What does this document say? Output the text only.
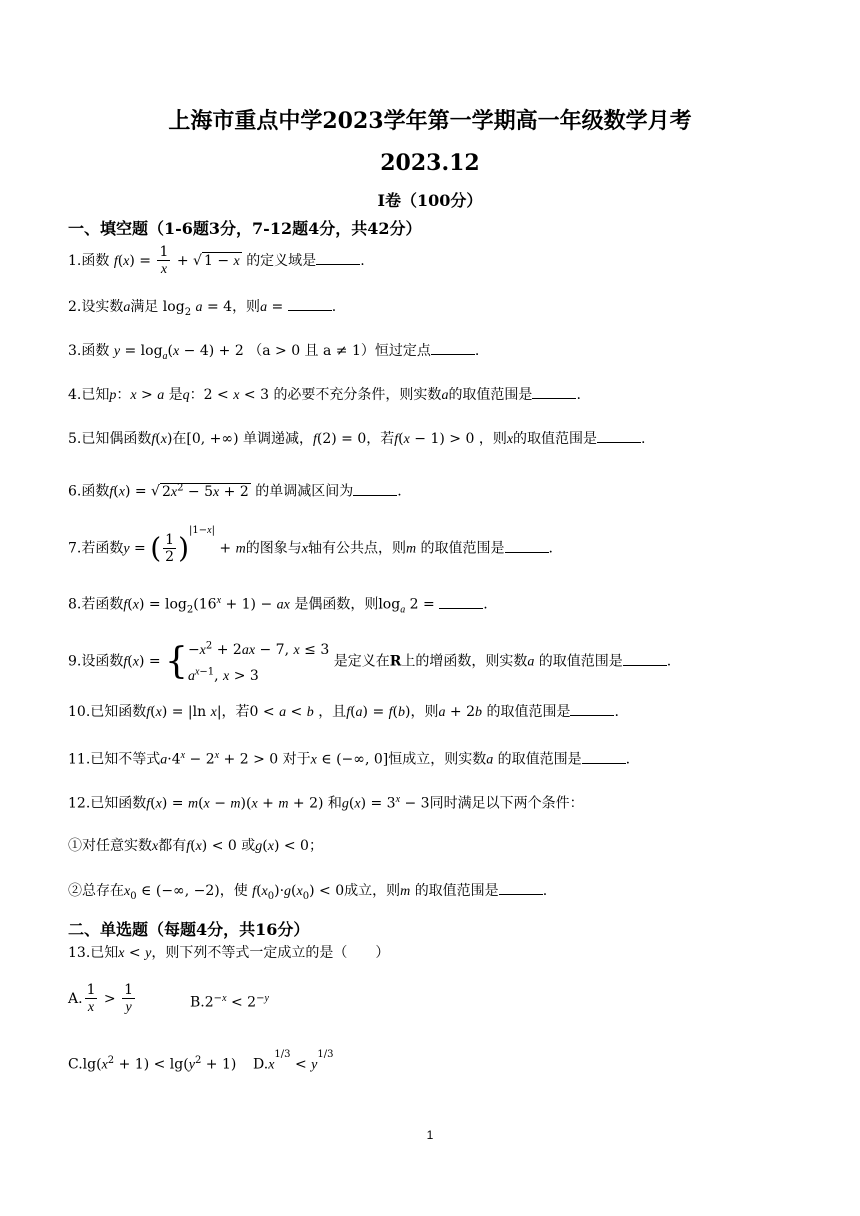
上海市重点中学2023学年第一学期高一年级数学月考
2023.12
Ⅰ卷（100分）
一、填空题（1-6题3分，7-12题4分，共42分）
1.函数 $f(x) = \frac{1}{x}$ + √ 1 − x 的定义域是	.
2.设实数a满足 $\log_2 a = 4$，则a =	.
3.函数 $y = \log_a(x - 4) + 2$ （a > 0 且 a ≠ 1）恒过定点	.
4.已知p：x > a 是q：2 < x < 3 的必要不充分条件，则实数a的取值范围是	.
5.已知偶函数f(x)在[0, +∞) 单调递减，f(2) = 0，若f(x − 1) > 0 ，则x的取值范围是	.
6.函数f(x) = √ $2x^2 - 5x + 2$ 的单调减区间为	.
7.若函数y = ( $\frac{1}{2} )^{|1-x|} + m$的图象与x轴有公共点，则m 的取值范围是	.
8.若函数$f(x) = \log_2(16^x + 1)$ − ax 是偶函数，则$\log_a 2$ =	.
9.设函数$f(x) = \{-x^2 + 2ax - 7$, x ≤ 3
$a^{x-1}$, x > 3 是定义在R上的增函数，则实数a 的取值范围是	.
10.已知函数f(x) = |ln x|，若0 < a < b ，且f(a) = f(b)，则a + 2b 的取值范围是	.
11.已知不等式$a\cdot 4^x - 2^x + 2 > 0$ 对于x ∈ (−∞, 0]恒成立，则实数a 的取值范围是	.
12.已知函数f(x) = m(x − m)(x + m + 2) 和$g(x) = 3^x - 3$同时满足以下两个条件：
①对任意实数x都有f(x) < 0 或g(x) < 0；
②总存在$x_0$ ∈ (−∞, −2)，使 $f(x_0)\cdot g(x_0) < 0$成立，则m 的取值范围是	.
二、单选题（每题4分，共16分）
13.已知x < y，则下列不等式一定成立的是（　　）
A. $\frac{1}{x} > \frac{1}{y}$	$B.2^{-x} < 2^{-y}$
$C.\lg(x^2 + 1) < \lg(y^2 + 1) D.x^{1/3} < y^{1/3}$
1
